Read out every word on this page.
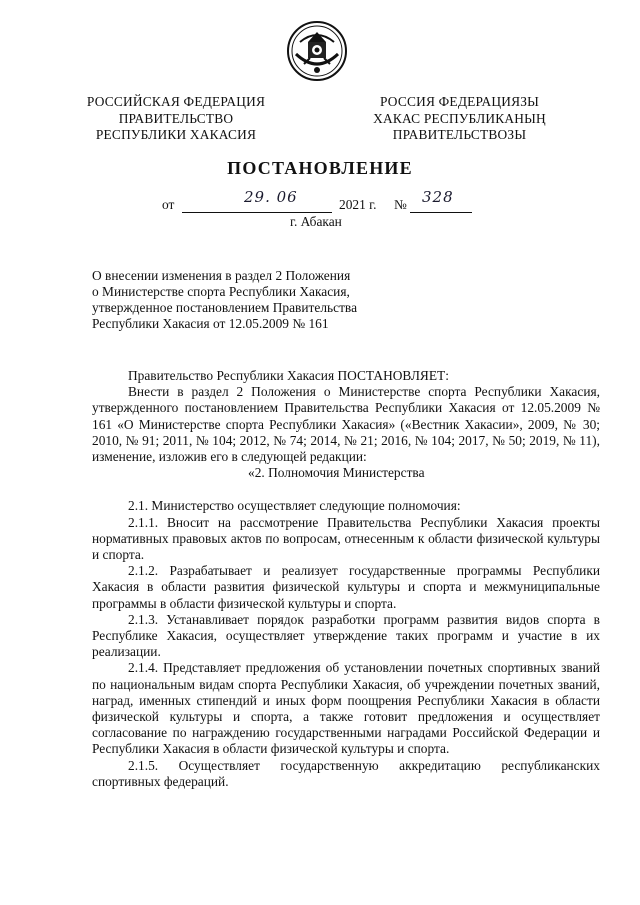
РОССИЙСКАЯ ФЕДЕРАЦИЯ
ПРАВИТЕЛЬСТВО
РЕСПУБЛИКИ ХАКАСИЯ
РОССИЯ ФЕДЕРАЦИЯЗЫ
ХАКАС РЕСПУБЛИКАНЫҢ
ПРАВИТЕЛЬСТВОЗЫ
ПОСТАНОВЛЕНИЕ
от	29. 06	2021 г. № 328
г. Абакан
О внесении изменения в раздел 2 Положения
о Министерстве спорта Республики Хакасия,
утвержденное постановлением Правительства
Республики Хакасия от 12.05.2009 № 161

Правительство Республики Хакасия ПОСТАНОВЛЯЕТ:

Внести в раздел 2 Положения о Министерстве спорта Республики Хакасия, утвержденного постановлением Правительства Республики Хакасия от 12.05.2009 № 161 «О Министерстве спорта Республики Хакасия» («Вестник Хакасии», 2009, № 30; 2010, № 91; 2011, № 104; 2012, № 74; 2014, № 21; 2016, № 104; 2017, № 50; 2019, № 11), изменение, изложив его в следующей редакции:

«2. Полномочия Министерства

2.1. Министерство осуществляет следующие полномочия:

2.1.1. Вносит на рассмотрение Правительства Республики Хакасия проекты нормативных правовых актов по вопросам, отнесенным к области физической культуры и спорта.

2.1.2. Разрабатывает и реализует государственные программы Республики Хакасия в области развития физической культуры и спорта и межмуниципальные программы в области физической культуры и спорта.

2.1.3. Устанавливает порядок разработки программ развития видов спорта в Республике Хакасия, осуществляет утверждение таких программ и участие в их реализации.

2.1.4. Представляет предложения об установлении почетных спортивных званий по национальным видам спорта Республики Хакасия, об учреждении почетных званий, наград, именных стипендий и иных форм поощрения Республики Хакасия в области физической культуры и спорта, а также готовит предложения и осуществляет согласование по награждению государственными наградами Российской Федерации и Республики Хакасия в области физической культуры и спорта.

2.1.5. Осуществляет государственную аккредитацию республиканских спортивных федераций.
